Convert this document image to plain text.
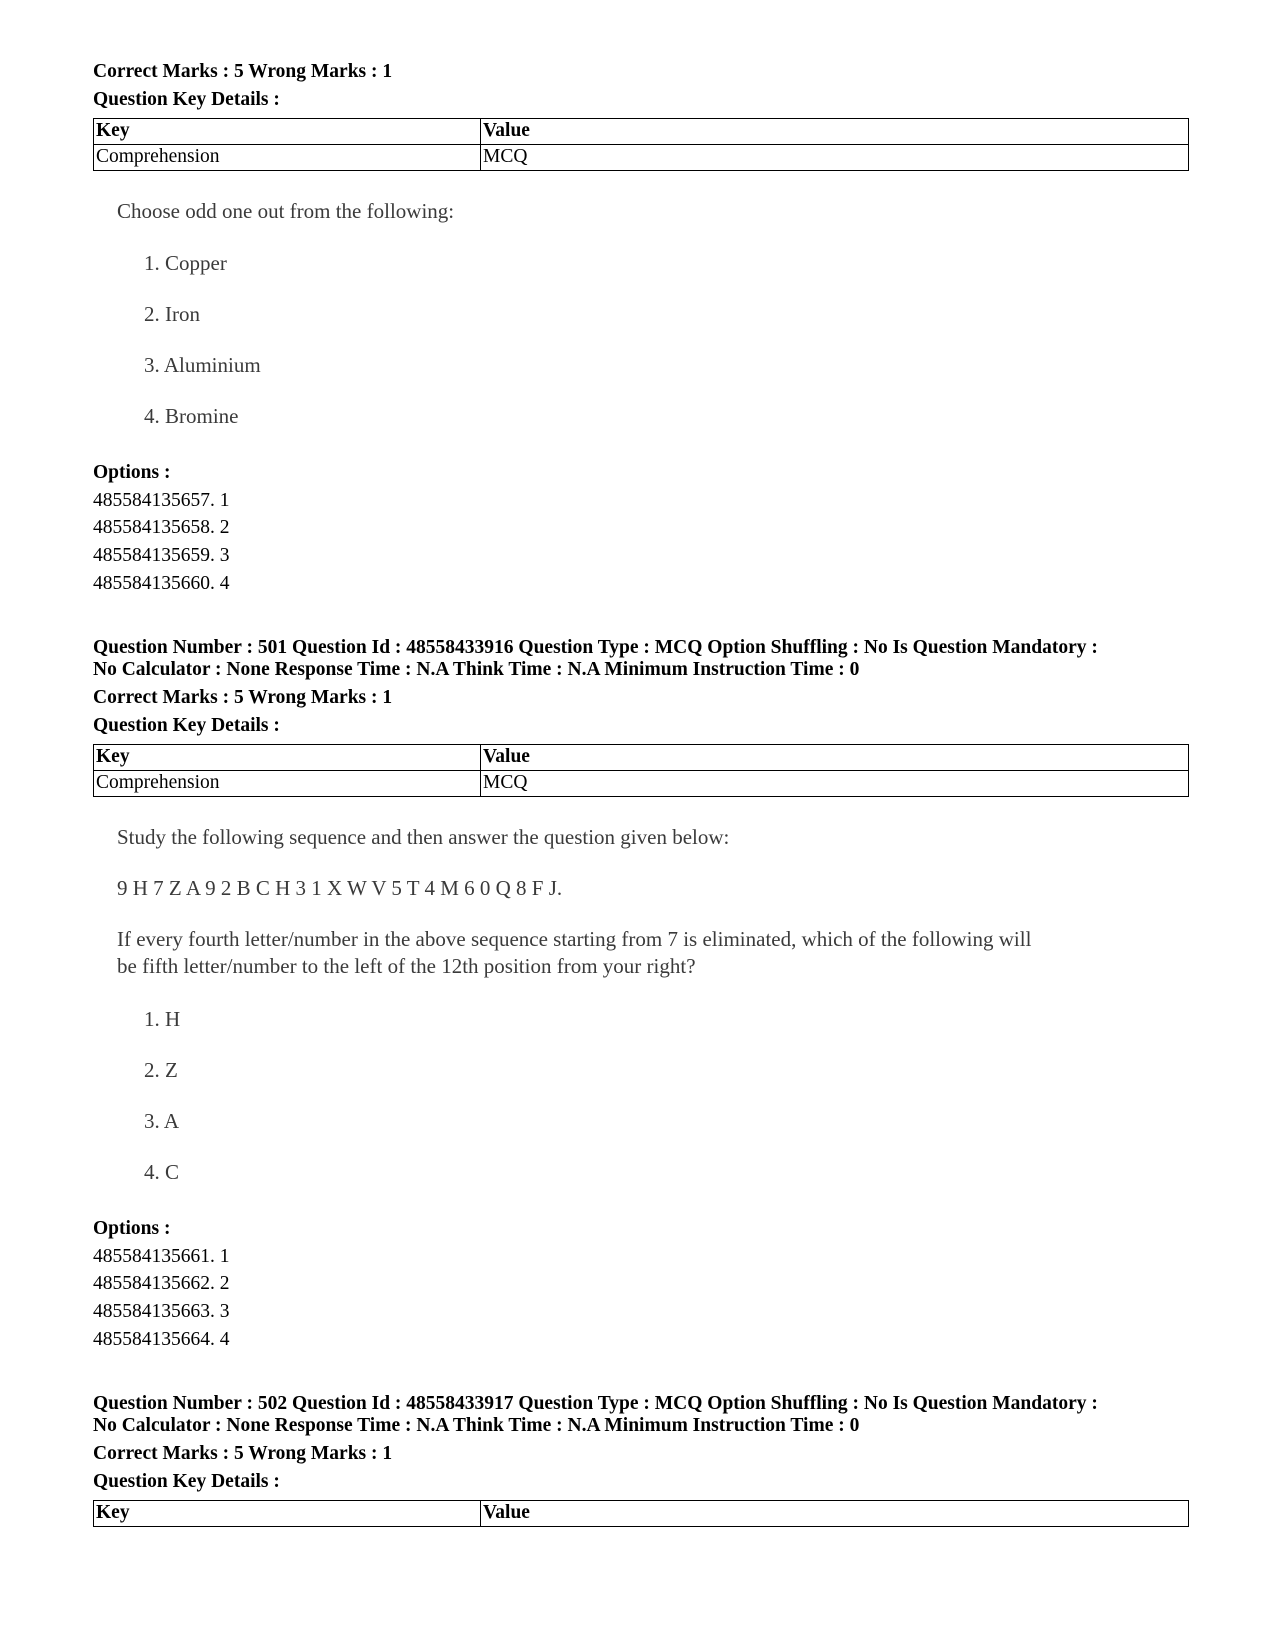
Correct Marks : 5 Wrong Marks : 1
Question Key Details :
Key	Value
Comprehension	MCQ
Choose odd one out from the following:
1. Copper
2. Iron
3. Aluminium
4. Bromine
Options :
485584135657. 1
485584135658. 2
485584135659. 3
485584135660. 4
Question Number : 501 Question Id : 48558433916 Question Type : MCQ Option Shuffling : No Is Question Mandatory :
No Calculator : None Response Time : N.A Think Time : N.A Minimum Instruction Time : 0
Correct Marks : 5 Wrong Marks : 1
Question Key Details :
Key	Value
Comprehension	MCQ
Study the following sequence and then answer the question given below:
9 H 7 Z A 9 2 B C H 3 1 X W V 5 T 4 M 6 0 Q 8 F J.
If every fourth letter/number in the above sequence starting from 7 is eliminated, which of the following will
be fifth letter/number to the left of the 12th position from your right?
1. H
2. Z
3. A
4. C
Options :
485584135661. 1
485584135662. 2
485584135663. 3
485584135664. 4
Question Number : 502 Question Id : 48558433917 Question Type : MCQ Option Shuffling : No Is Question Mandatory :
No Calculator : None Response Time : N.A Think Time : N.A Minimum Instruction Time : 0
Correct Marks : 5 Wrong Marks : 1
Question Key Details :
Key	Value
